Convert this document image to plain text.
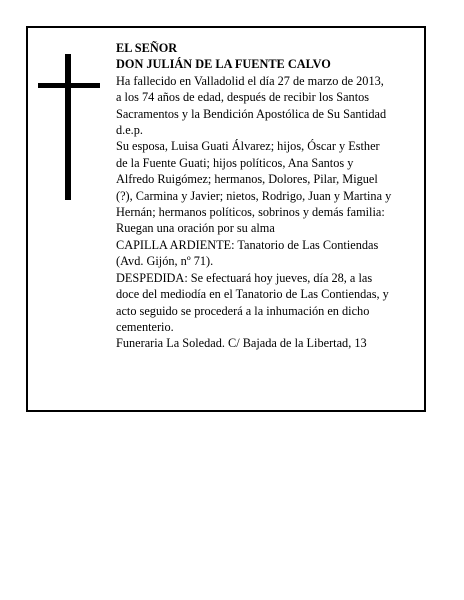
EL SEÑOR
DON JULIÁN DE LA FUENTE CALVO
Ha fallecido en Valladolid el día 27 de marzo de 2013,
a los 74 años de edad, después de recibir los Santos
Sacramentos y la Bendición Apostólica de Su Santidad
d.e.p.
Su esposa, Luisa Guati Álvarez; hijos, Óscar y Esther
de la Fuente Guati; hijos políticos, Ana Santos y
Alfredo Ruigómez; hermanos, Dolores, Pilar, Miguel
(?), Carmina y Javier; nietos, Rodrigo, Juan y Martina y
Hernán; hermanos políticos, sobrinos y demás familia:
Ruegan una oración por su alma
CAPILLA ARDIENTE: Tanatorio de Las Contiendas
(Avd. Gijón, nº 71).
DESPEDIDA: Se efectuará hoy jueves, día 28, a las
doce del mediodía en el Tanatorio de Las Contiendas, y
acto seguido se procederá a la inhumación en dicho
cementerio.
Funeraria La Soledad. C/ Bajada de la Libertad, 13
